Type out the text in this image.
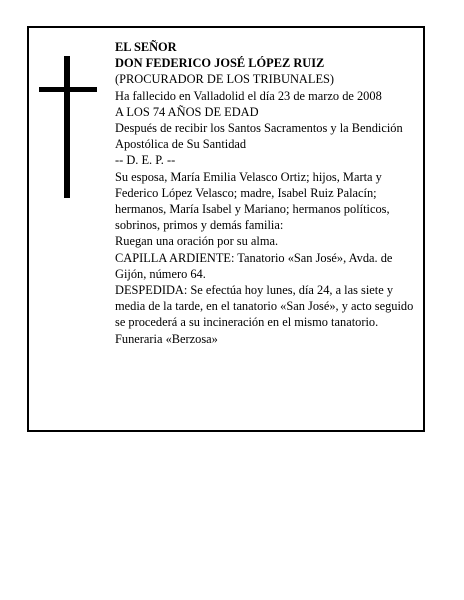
EL SEÑOR

DON FEDERICO JOSÉ LÓPEZ RUIZ

(PROCURADOR DE LOS TRIBUNALES)

Ha fallecido en Valladolid el día 23 de marzo de 2008

A LOS 74 AÑOS DE EDAD

Después de recibir los Santos Sacramentos y la Bendición Apostólica de Su Santidad

-- D. E. P. --

Su esposa, María Emilia Velasco Ortiz; hijos, Marta y Federico López Velasco; madre, Isabel Ruiz Palacín; hermanos, María Isabel y Mariano; hermanos políticos, sobrinos, primos y demás familia:

Ruegan una oración por su alma.

CAPILLA ARDIENTE: Tanatorio «San José», Avda. de Gijón, número 64.

DESPEDIDA: Se efectúa hoy lunes, día 24, a las siete y media de la tarde, en el tanatorio «San José», y acto seguido se procederá a su incineración en el mismo tanatorio.

Funeraria «Berzosa»
